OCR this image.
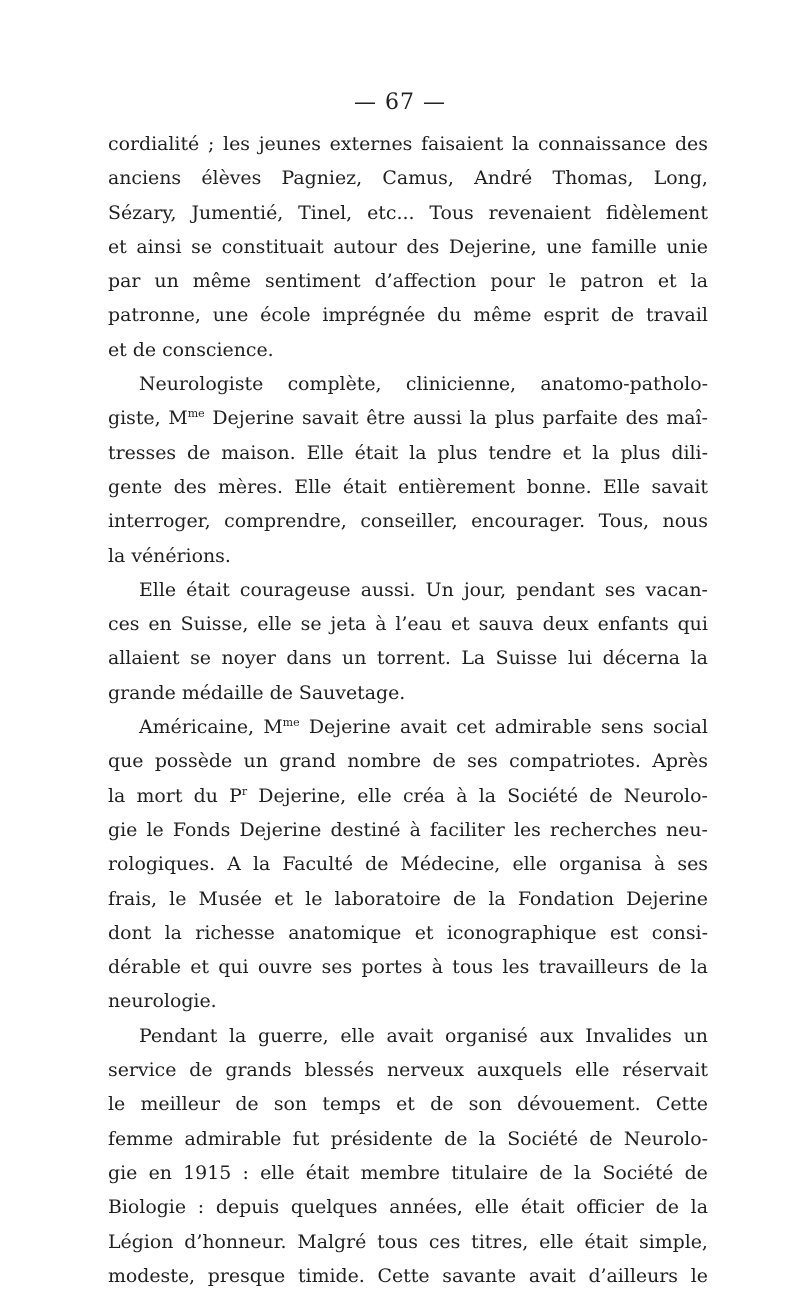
— 67 —
cordialité ; les jeunes externes faisaient la connaissance des
anciens élèves Pagniez, Camus, André Thomas, Long,
Sézary, Jumentié, Tinel, etc... Tous revenaient fidèlement
et ainsi se constituait autour des Dejerine, une famille unie
par un même sentiment d’affection pour le patron et la
patronne, une école imprégnée du même esprit de travail
et
de
conscience.

Neurologiste complète, clinicienne, anatomo-patholo-
giste, $M^{me}$ Dejerine savait être aussi la plus parfaite des maî-
tresses de maison. Elle était la plus tendre et la plus dili-
gente des mères. Elle était entièrement bonne. Elle savait
interroger, comprendre, conseiller, encourager. Tous, nous
la
vénérions.

Elle était courageuse aussi. Un jour, pendant ses vacan-
ces en Suisse, elle se jeta à l’eau et sauva deux enfants qui
allaient se noyer dans un torrent. La Suisse lui décerna la
grande
médaille
de
Sauvetage.

Américaine, $M^{me}$ Dejerine avait cet admirable sens social
que possède un grand nombre de ses compatriotes. Après
la mort du $P^r$ Dejerine, elle créa à la Société de Neurolo-
gie le Fonds Dejerine destiné à faciliter les recherches neu-
rologiques. A la Faculté de Médecine, elle organisa à ses
frais, le Musée et le laboratoire de la Fondation Dejerine
dont la richesse anatomique et iconographique est consi-
dérable et qui ouvre ses portes à tous les travailleurs de la
neurologie.

Pendant la guerre, elle avait organisé aux Invalides un
service de grands blessés nerveux auxquels elle réservait
le meilleur de son temps et de son dévouement. Cette
femme admirable fut présidente de la Société de Neurolo-
gie en 1915 : elle était membre titulaire de la Société de
Biologie : depuis quelques années, elle était officier de la
Légion d’honneur. Malgré tous ces titres, elle était simple,
modeste, presque timide. Cette savante avait d’ailleurs le
